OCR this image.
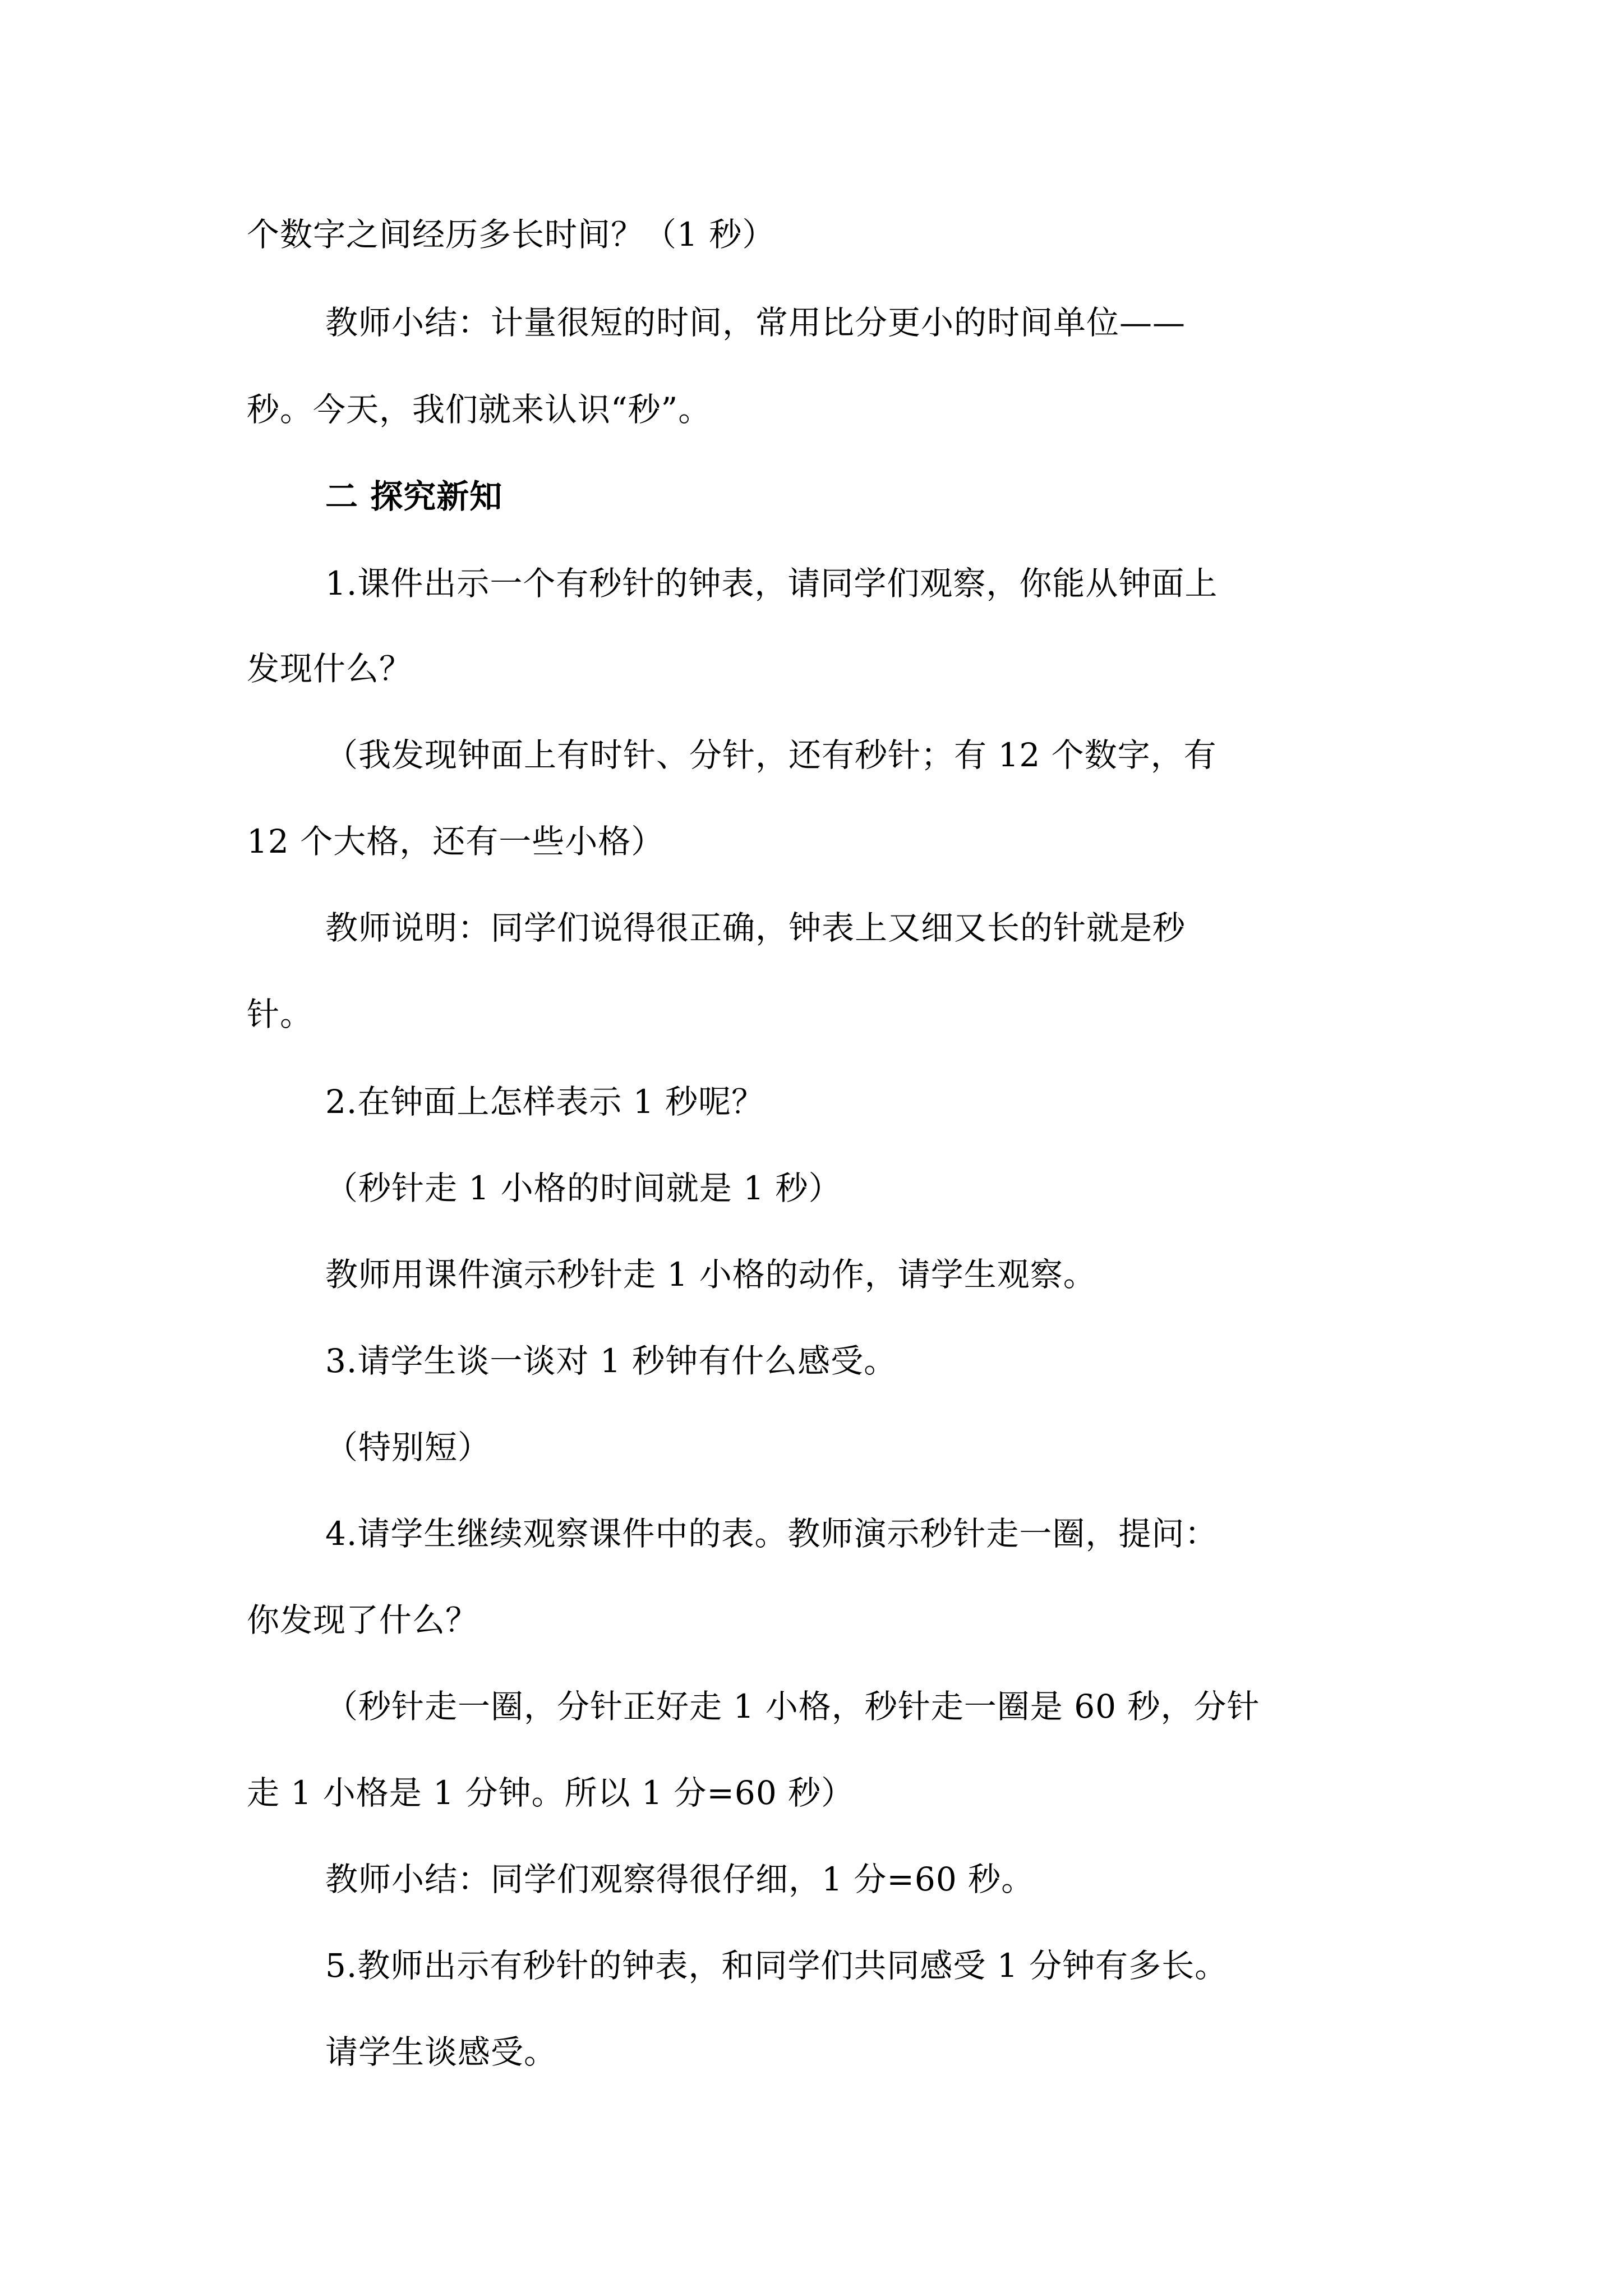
个数字之间经历多长时间？（1 秒）
教师小结：计量很短的时间，常用比分更小的时间单位——
秒。今天，我们就来认识“秒”。
二 探究新知
1.课件出示一个有秒针的钟表，请同学们观察，你能从钟面上
发现什么？
（我发现钟面上有时针、分针，还有秒针；有 12 个数字，有
12 个大格，还有一些小格）
教师说明：同学们说得很正确，钟表上又细又长的针就是秒
针。
2.在钟面上怎样表示 1 秒呢？
（秒针走 1 小格的时间就是 1 秒）
教师用课件演示秒针走 1 小格的动作，请学生观察。
3.请学生谈一谈对 1 秒钟有什么感受。
（特别短）
4.请学生继续观察课件中的表。教师演示秒针走一圈，提问：
你发现了什么？
（秒针走一圈，分针正好走 1 小格，秒针走一圈是 60 秒，分针
走 1 小格是 1 分钟。所以 1 分=60 秒）
教师小结：同学们观察得很仔细，1 分=60 秒。
5.教师出示有秒针的钟表，和同学们共同感受 1 分钟有多长。
请学生谈感受。
